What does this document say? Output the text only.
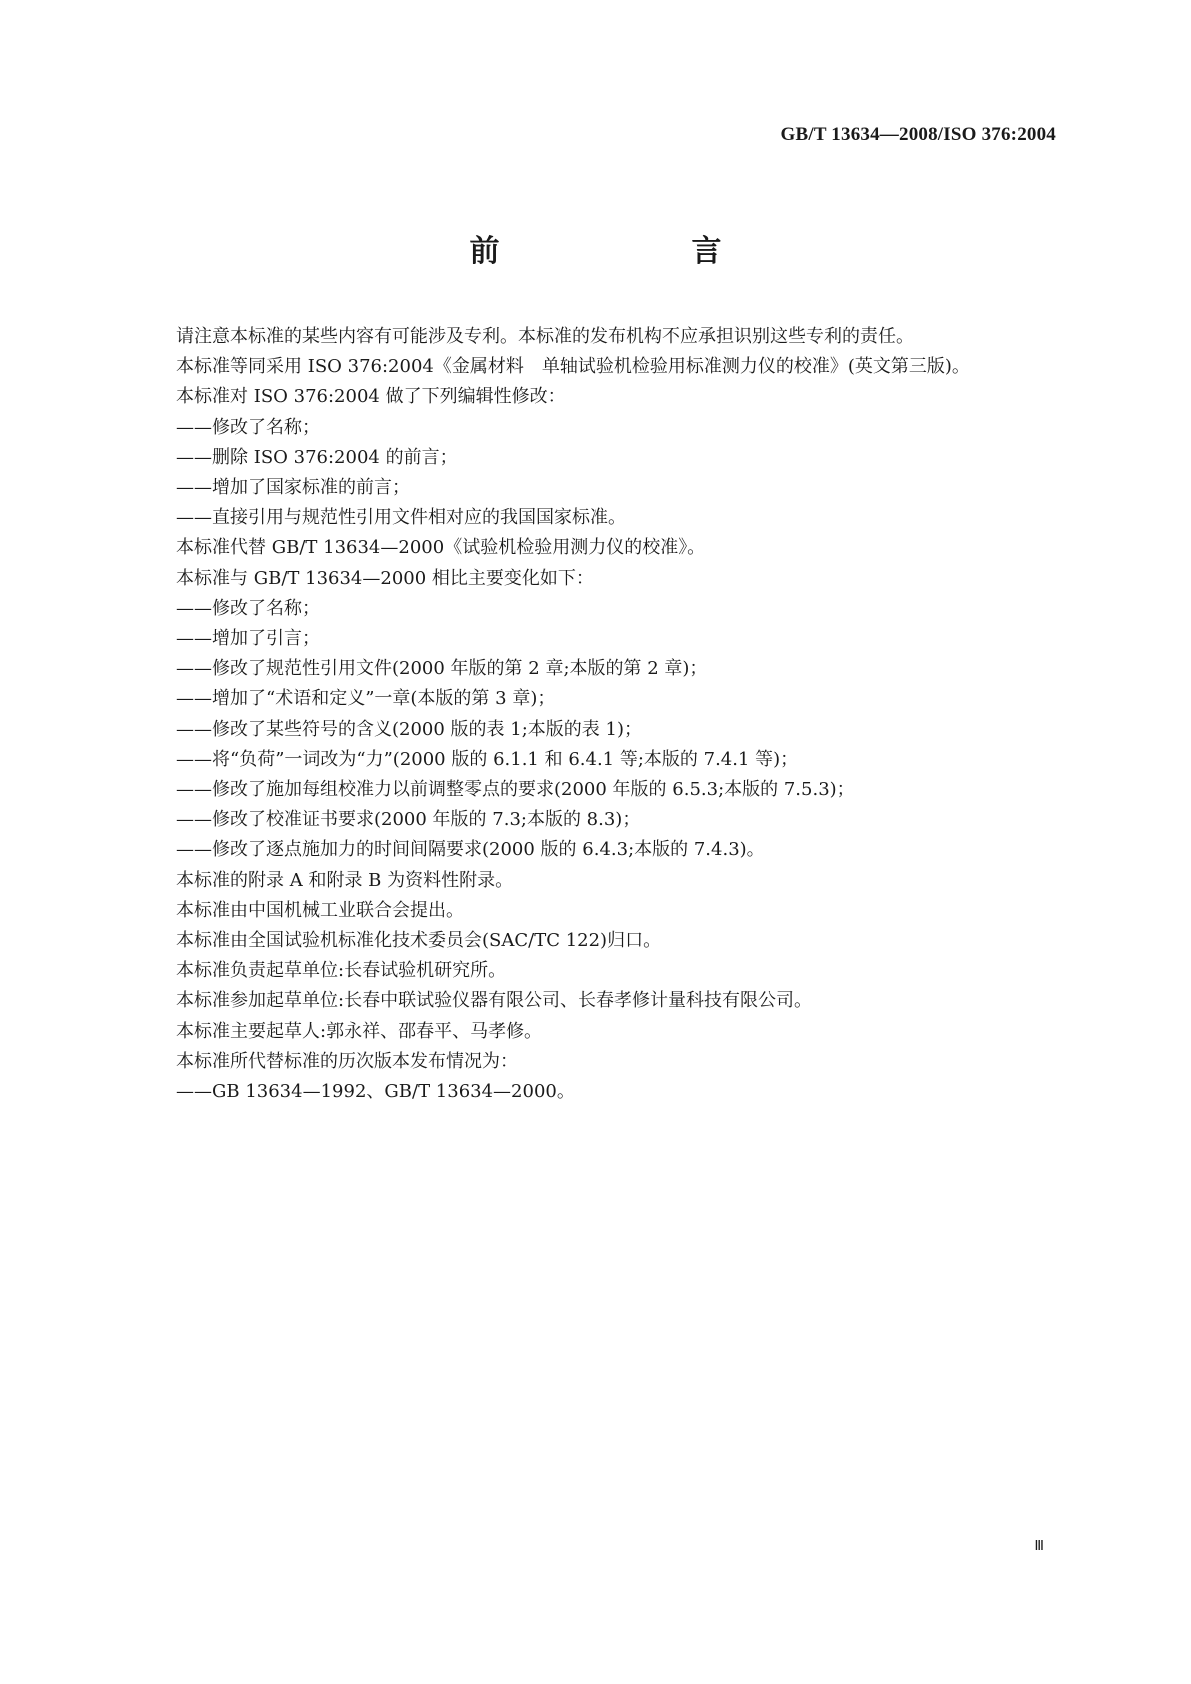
GB/T 13634—2008/ISO 376:2004
前　　言
请注意本标准的某些内容有可能涉及专利。本标准的发布机构不应承担识别这些专利的责任。
本标准等同采用 ISO 376:2004《金属材料　单轴试验机检验用标准测力仪的校准》(英文第三版)。
本标准对 ISO 376:2004 做了下列编辑性修改：
——修改了名称；
——删除 ISO 376:2004 的前言；
——增加了国家标准的前言；
——直接引用与规范性引用文件相对应的我国国家标准。
本标准代替 GB/T 13634—2000《试验机检验用测力仪的校准》。
本标准与 GB/T 13634—2000 相比主要变化如下：
——修改了名称；
——增加了引言；
——修改了规范性引用文件(2000 年版的第 2 章;本版的第 2 章)；
——增加了“术语和定义”一章(本版的第 3 章)；
——修改了某些符号的含义(2000 版的表 1;本版的表 1)；
——将“负荷”一词改为“力”(2000 版的 6.1.1 和 6.4.1 等;本版的 7.4.1 等)；
——修改了施加每组校准力以前调整零点的要求(2000 年版的 6.5.3;本版的 7.5.3)；
——修改了校准证书要求(2000 年版的 7.3;本版的 8.3)；
——修改了逐点施加力的时间间隔要求(2000 版的 6.4.3;本版的 7.4.3)。
本标准的附录 A 和附录 B 为资料性附录。
本标准由中国机械工业联合会提出。
本标准由全国试验机标准化技术委员会(SAC/TC 122)归口。
本标准负责起草单位:长春试验机研究所。
本标准参加起草单位:长春中联试验仪器有限公司、长春孝修计量科技有限公司。
本标准主要起草人:郭永祥、邵春平、马孝修。
本标准所代替标准的历次版本发布情况为：
——GB 13634—1992、GB/T 13634—2000。
Ⅲ
